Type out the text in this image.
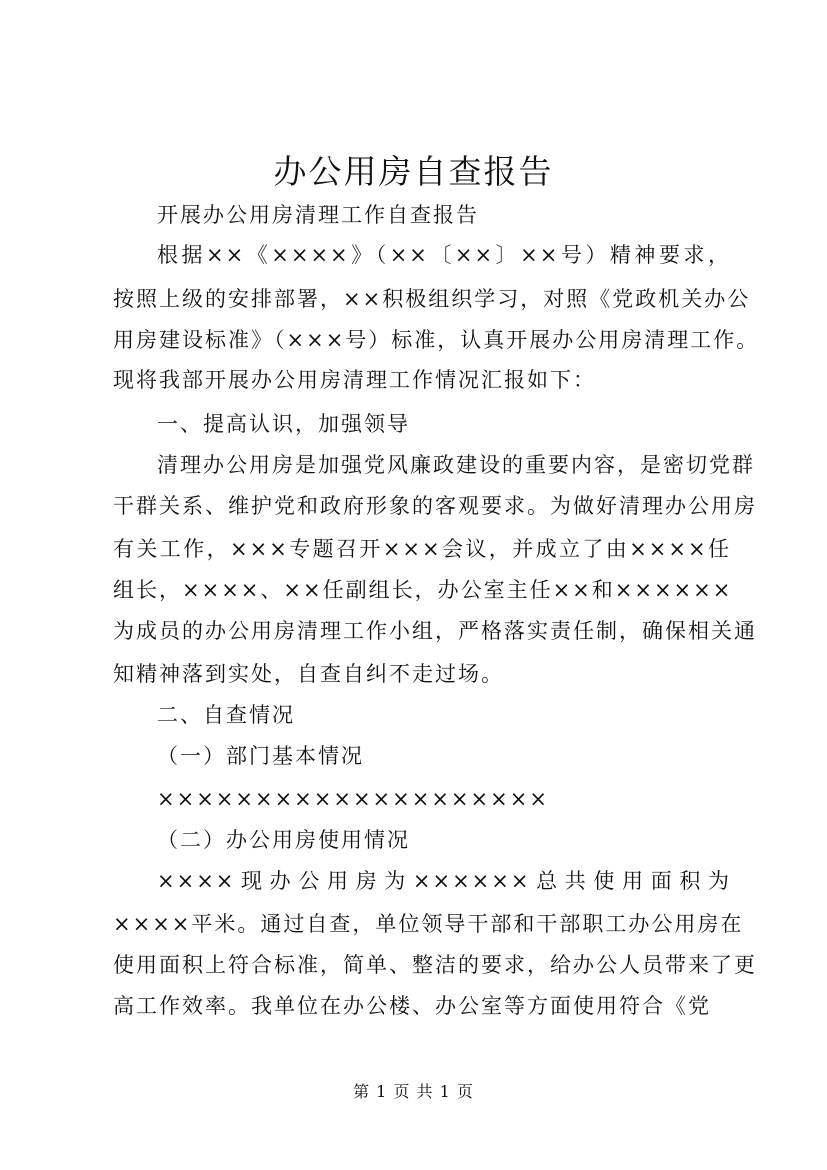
办公用房自查报告
开展办公用房清理工作自查报告
根据××《××××》（××〔××〕××号）精神要求，
按照上级的安排部署，××积极组织学习，对照《党政机关办公
用房建设标准》（×××号）标准，认真开展办公用房清理工作。
现将我部开展办公用房清理工作情况汇报如下：
一、提高认识，加强领导
清理办公用房是加强党风廉政建设的重要内容，是密切党群
干群关系、维护党和政府形象的客观要求。为做好清理办公用房
有关工作，×××专题召开×××会议，并成立了由××××任
组长，××××、××任副组长，办公室主任××和××××××
为成员的办公用房清理工作小组，严格落实责任制，确保相关通
知精神落到实处，自查自纠不走过场。
二、自查情况
（一）部门基本情况
××××××××××××××××××××
（二）办公用房使用情况
××××现办公用房为××××××总共使用面积为
××××平米。通过自查，单位领导干部和干部职工办公用房在
使用面积上符合标准，简单、整洁的要求，给办公人员带来了更
高工作效率。我单位在办公楼、办公室等方面使用符合《党
第 1 页 共 1 页
